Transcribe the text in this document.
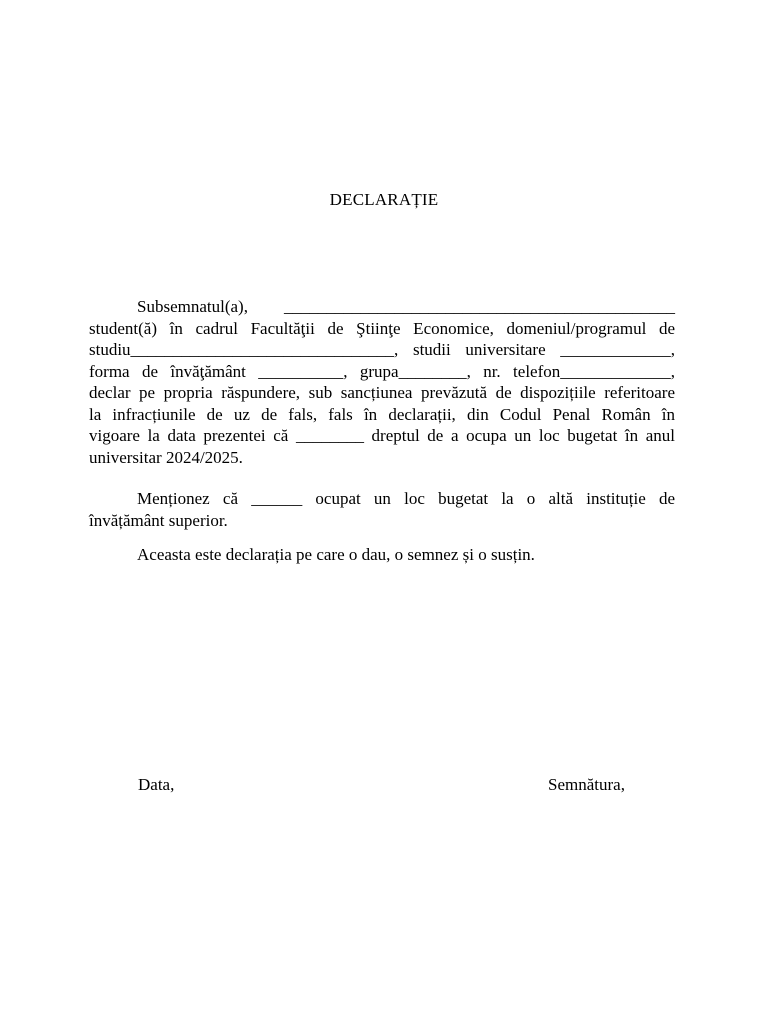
DECLARAȚIE
Subsemnatul(a), ______________________________________________
student(ă) în cadrul Facultăţii de Ştiinţe Economice, domeniul/programul de
studiu_______________________________, studii universitare _____________,
forma de învăţământ __________, grupa________, nr. telefon_____________,
declar pe propria răspundere, sub sancțiunea prevăzută de dispozițiile referitoare
la infracțiunile de uz de fals, fals în declarații, din Codul Penal Român în
vigoare la data prezentei că ________ dreptul de a ocupa un loc bugetat în anul
universitar 2024/2025.
Menționez că ______ ocupat un loc bugetat la o altă instituție de
învățământ superior.
Aceasta este declarația pe care o dau, o semnez și o susțin.
Data,	Semnătura,
